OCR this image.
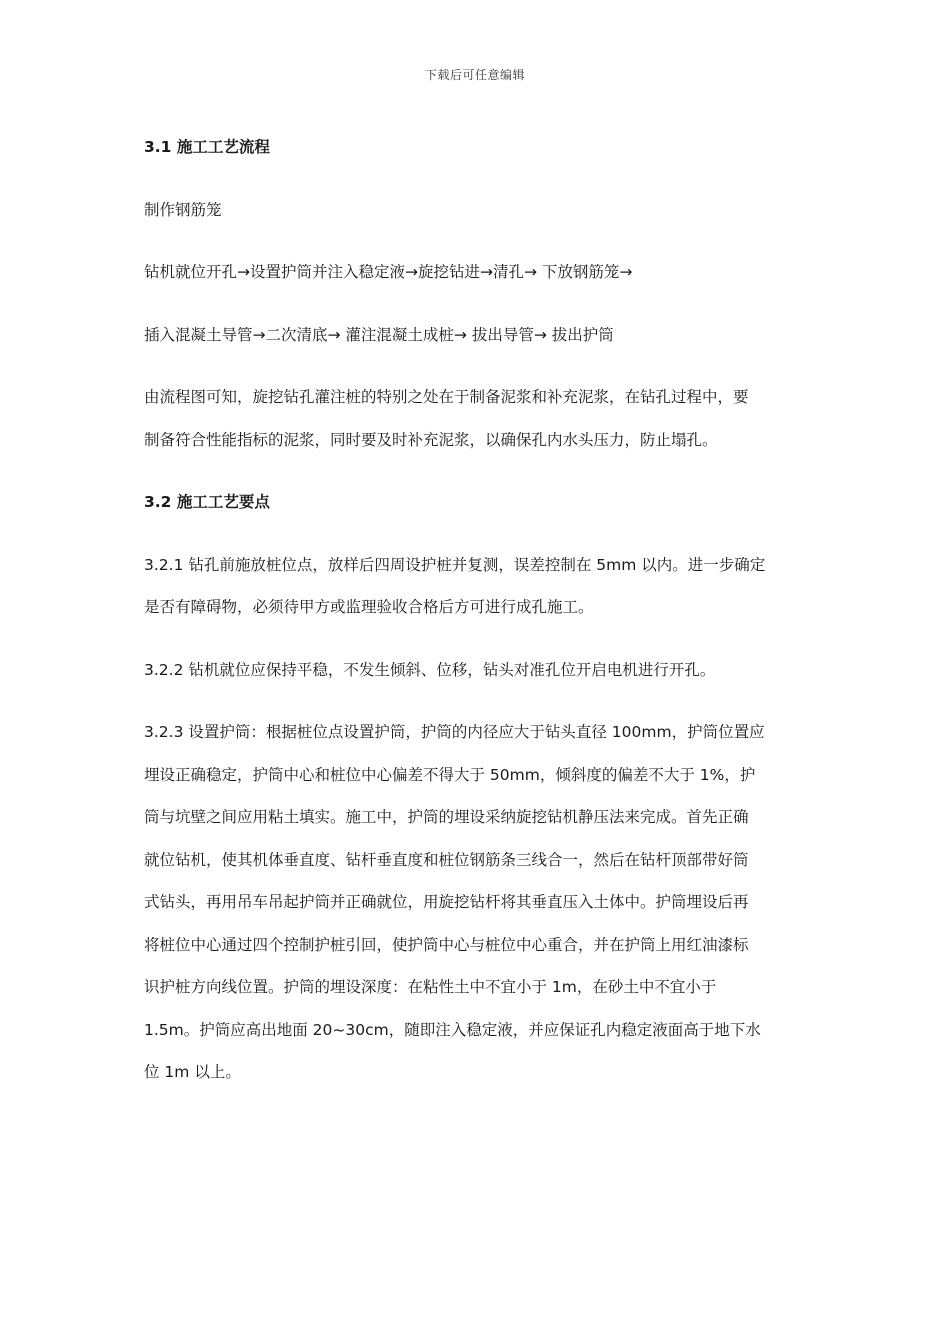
下载后可任意编辑
3.1 施工工艺流程
制作钢筋笼
钻机就位开孔→设置护筒并注入稳定液→旋挖钻进→清孔→ 下放钢筋笼→
插入混凝土导管→二次清底→ 灌注混凝土成桩→ 拔出导管→ 拔出护筒
由流程图可知，旋挖钻孔灌注桩的特别之处在于制备泥浆和补充泥浆，在钻孔过程中，要
制备符合性能指标的泥浆，同时要及时补充泥浆，以确保孔内水头压力，防止塌孔。
3.2 施工工艺要点
3.2.1 钻孔前施放桩位点，放样后四周设护桩并复测，误差控制在 5mm 以内。进一步确定
是否有障碍物，必须待甲方或监理验收合格后方可进行成孔施工。
3.2.2 钻机就位应保持平稳，不发生倾斜、位移，钻头对准孔位开启电机进行开孔。
3.2.3 设置护筒：根据桩位点设置护筒，护筒的内径应大于钻头直径 100mm，护筒位置应
埋设正确稳定，护筒中心和桩位中心偏差不得大于 50mm，倾斜度的偏差不大于 1%，护
筒与坑壁之间应用粘土填实。施工中，护筒的埋设采纳旋挖钻机静压法来完成。首先正确
就位钻机，使其机体垂直度、钻杆垂直度和桩位钢筋条三线合一，然后在钻杆顶部带好筒
式钻头，再用吊车吊起护筒并正确就位，用旋挖钻杆将其垂直压入土体中。护筒埋设后再
将桩位中心通过四个控制护桩引回，使护筒中心与桩位中心重合，并在护筒上用红油漆标
识护桩方向线位置。护筒的埋设深度：在粘性土中不宜小于 1m，在砂土中不宜小于
1.5m。护筒应高出地面 20~30cm，随即注入稳定液，并应保证孔内稳定液面高于地下水
位 1m 以上。
